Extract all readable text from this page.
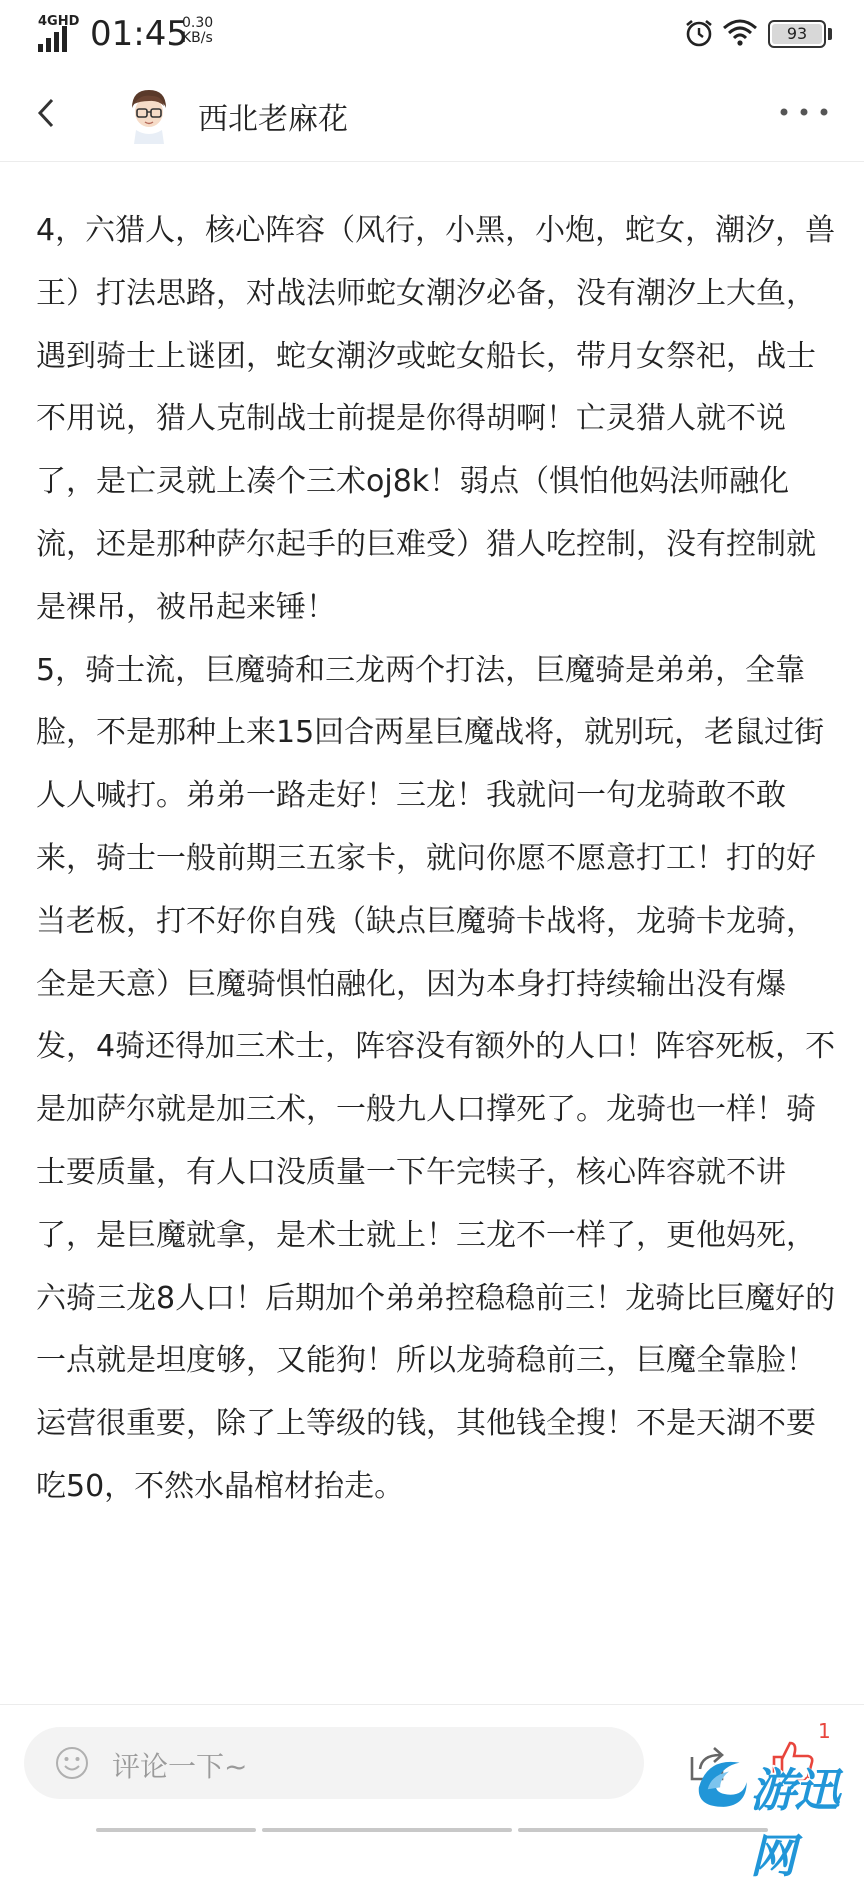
4GHD 01:45
0.30
KB/s	93
西北老麻花

4，六猎人，核心阵容（风行，小黑，小炮，蛇女，潮汐，兽王）打法思路，对战法师蛇女潮汐必备，没有潮汐上大鱼，遇到骑士上谜团，蛇女潮汐或蛇女船长，带月女祭祀，战士不用说，猎人克制战士前提是你得胡啊！亡灵猎人就不说了，是亡灵就上凑个三术oj8k！弱点（惧怕他妈法师融化流，还是那种萨尔起手的巨难受）猎人吃控制，没有控制就是裸吊，被吊起来锤！

5，骑士流，巨魔骑和三龙两个打法，巨魔骑是弟弟，全靠脸，不是那种上来15回合两星巨魔战将，就别玩，老鼠过街人人喊打。弟弟一路走好！三龙！我就问一句龙骑敢不敢来，骑士一般前期三五家卡，就问你愿不愿意打工！打的好当老板，打不好你自残（缺点巨魔骑卡战将，龙骑卡龙骑，全是天意）巨魔骑惧怕融化，因为本身打持续输出没有爆发，4骑还得加三术士，阵容没有额外的人口！阵容死板，不是加萨尔就是加三术，一般九人口撑死了。龙骑也一样！骑士要质量，有人口没质量一下午完犊子，核心阵容就不讲了，是巨魔就拿，是术士就上！三龙不一样了，更他妈死，六骑三龙8人口！后期加个弟弟控稳稳前三！龙骑比巨魔好的一点就是坦度够，又能狗！所以龙骑稳前三，巨魔全靠脸！运营很重要，除了上等级的钱，其他钱全搜！不是天湖不要吃50，不然水晶棺材抬走。

评论一下~
1
游迅网
